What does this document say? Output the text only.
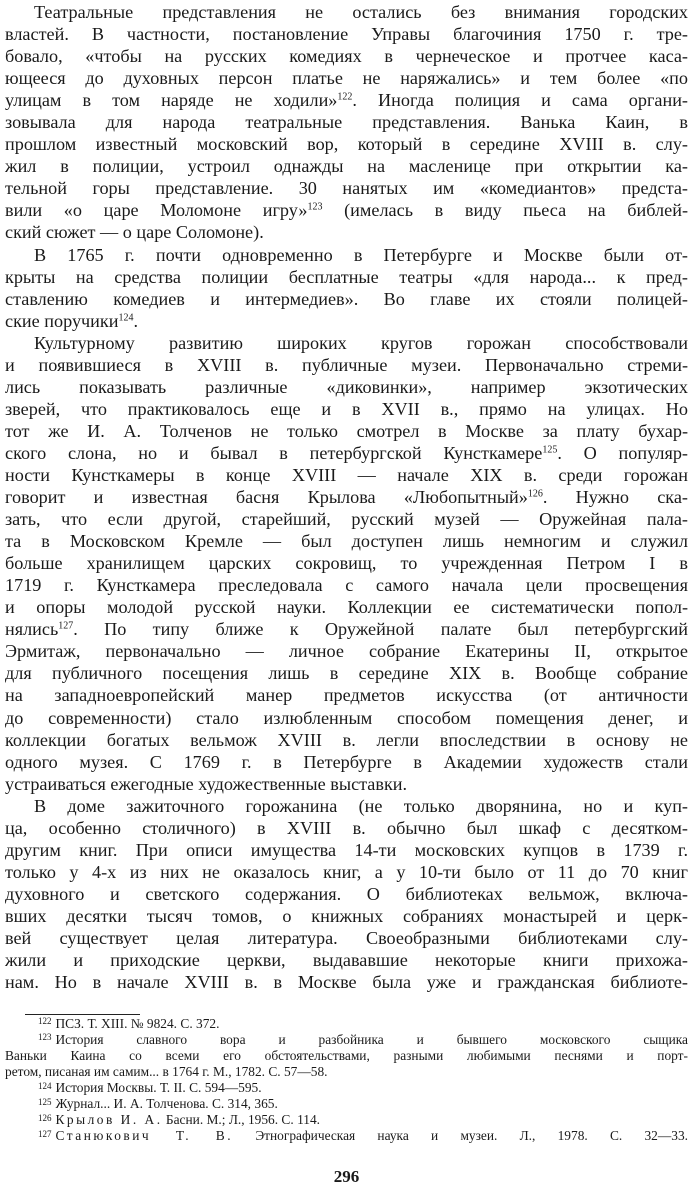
Театральные представления не остались без внимания городских
властей. В частности, постановление Управы благочиния 1750 г. тре-
бовало, «чтобы на русских комедиях в чернеческое и протчее каса-
ющееся до духовных персон платье не наряжались» и тем более «по
улицам в том наряде не ходили»$^{122}$. Иногда полиция и сама органи-
зовывала для народа театральные представления. Ванька Каин, в
прошлом известный московский вор, который в середине XVIII в. слу-
жил в полиции, устроил однажды на масленице при открытии ка-
тельной горы представление. 30 нанятых им «комедиантов» предста-
вили «о царе Моломоне игру»$^{123}$ (имелась в виду пьеса на библей-
ский сюжет — о царе Соломоне).
В 1765 г. почти одновременно в Петербурге и Москве были от-
крыты на средства полиции бесплатные театры «для народа... к пред-
ставлению комедиев и интермедиев». Во главе их стояли полицей-
ские поручики$^{124}$.
Культурному развитию широких кругов горожан способствовали
и появившиеся в XVIII в. публичные музеи. Первоначально стреми-
лись показывать различные «диковинки», например экзотических
зверей, что практиковалось еще и в XVII в., прямо на улицах. Но
тот же И. А. Толченов не только смотрел в Москве за плату бухар-
ского слона, но и бывал в петербургской Кунсткамере$^{125}$. О популяр-
ности Кунсткамеры в конце XVIII — начале XIX в. среди горожан
говорит и известная басня Крылова «Любопытный»$^{126}$. Нужно ска-
зать, что если другой, старейший, русский музей — Оружейная пала-
та в Московском Кремле — был доступен лишь немногим и служил
больше хранилищем царских сокровищ, то учрежденная Петром I в
1719 г. Кунсткамера преследовала с самого начала цели просвещения
и опоры молодой русской науки. Коллекции ее систематически попол-
нялись$^{127}$. По типу ближе к Оружейной палате был петербургский
Эрмитаж, первоначально — личное собрание Екатерины II, открытое
для публичного посещения лишь в середине XIX в. Вообще собрание
на западноевропейский манер предметов искусства (от античности
до современности) стало излюбленным способом помещения денег, и
коллекции богатых вельмож XVIII в. легли впоследствии в основу не
одного музея. С 1769 г. в Петербурге в Академии художеств стали
устраиваться ежегодные художественные выставки.
В доме зажиточного горожанина (не только дворянина, но и куп-
ца, особенно столичного) в XVIII в. обычно был шкаф с десятком-
другим книг. При описи имущества 14-ти московских купцов в 1739 г.
только у 4-х из них не оказалось книг, а у 10-ти было от 11 до 70 книг
духовного и светского содержания. О библиотеках вельмож, включа-
вших десятки тысяч томов, о книжных собраниях монастырей и церк-
вей существует целая литература. Своеобразными библиотеками слу-
жили и приходские церкви, выдававшие некоторые книги прихожа-
нам. Но в начале XVIII в. в Москве была уже и гражданская библиоте-
$^{122}$ ПСЗ. Т. XIII. № 9824. С. 372.
$^{123}$ История славного вора и разбойника и бывшего московского сыщика
Ваньки Каина со всеми его обстоятельствами, разными любимыми песнями и порт-
ретом, писаная им самим... в 1764 г. М., 1782. С. 57—58.
$^{124}$ История Москвы. Т. II. С. 594—595.
$^{125}$ Журнал... И. А. Толченова. С. 314, 365.
$^{126}$ Крылов И. А. Басни. М.; Л., 1956. С. 114.
$^{127}$ Станюкович Т. В. Этнографическая наука и музеи. Л., 1978. С. 32—33.
296
